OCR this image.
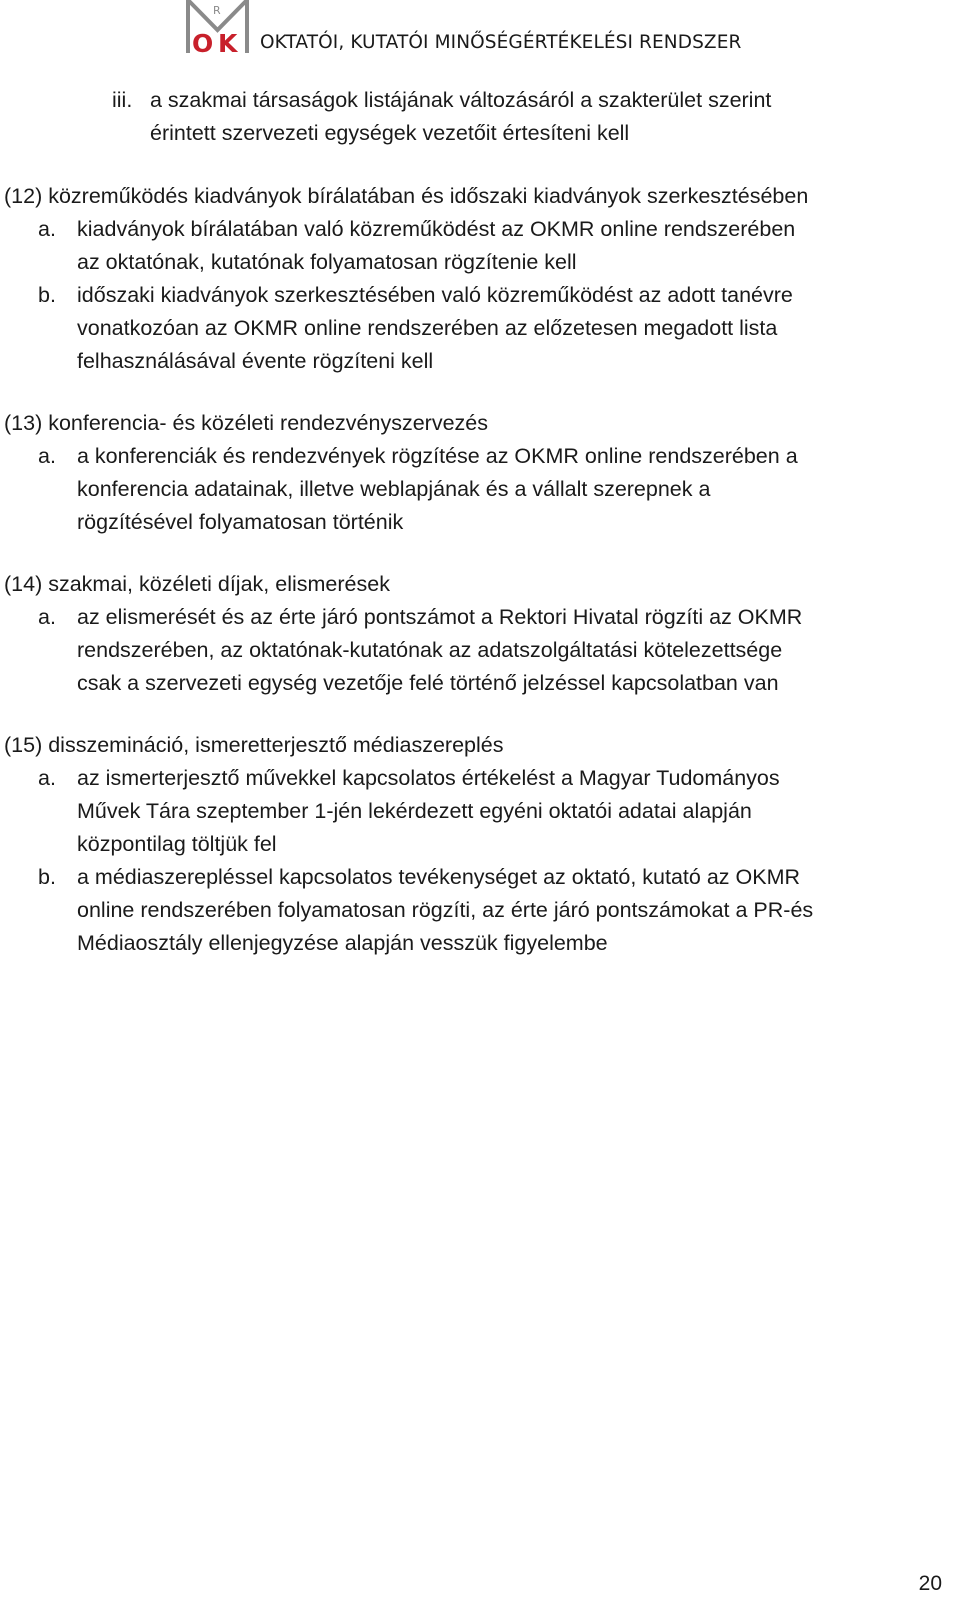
R
O K OKTATÓI, KUTATÓI MINŐSÉGÉRTÉKELÉSI RENDSZER
iii. a szakmai társaságok listájának változásáról a szakterület szerint
érintett szervezeti egységek vezetőit értesíteni kell
(12) közreműködés kiadványok bírálatában és időszaki kiadványok szerkesztésében
a. kiadványok bírálatában való közreműködést az OKMR online rendszerében
az oktatónak, kutatónak folyamatosan rögzítenie kell
b. időszaki kiadványok szerkesztésében való közreműködést az adott tanévre
vonatkozóan az OKMR online rendszerében az előzetesen megadott lista
felhasználásával évente rögzíteni kell
(13) konferencia- és közéleti rendezvényszervezés
a. a konferenciák és rendezvények rögzítése az OKMR online rendszerében a
konferencia adatainak, illetve weblapjának és a vállalt szerepnek a
rögzítésével folyamatosan történik
(14) szakmai, közéleti díjak, elismerések
a. az elismerését és az érte járó pontszámot a Rektori Hivatal rögzíti az OKMR
rendszerében, az oktatónak-kutatónak az adatszolgáltatási kötelezettsége
csak a szervezeti egység vezetője felé történő jelzéssel kapcsolatban van
(15) disszemináció, ismeretterjesztő médiaszereplés
a. az ismerterjesztő művekkel kapcsolatos értékelést a Magyar Tudományos
Művek Tára szeptember 1-jén lekérdezett egyéni oktatói adatai alapján
központilag töltjük fel
b. a médiaszerepléssel kapcsolatos tevékenységet az oktató, kutató az OKMR
online rendszerében folyamatosan rögzíti, az érte járó pontszámokat a PR-és
Médiaosztály ellenjegyzése alapján vesszük figyelembe
20
